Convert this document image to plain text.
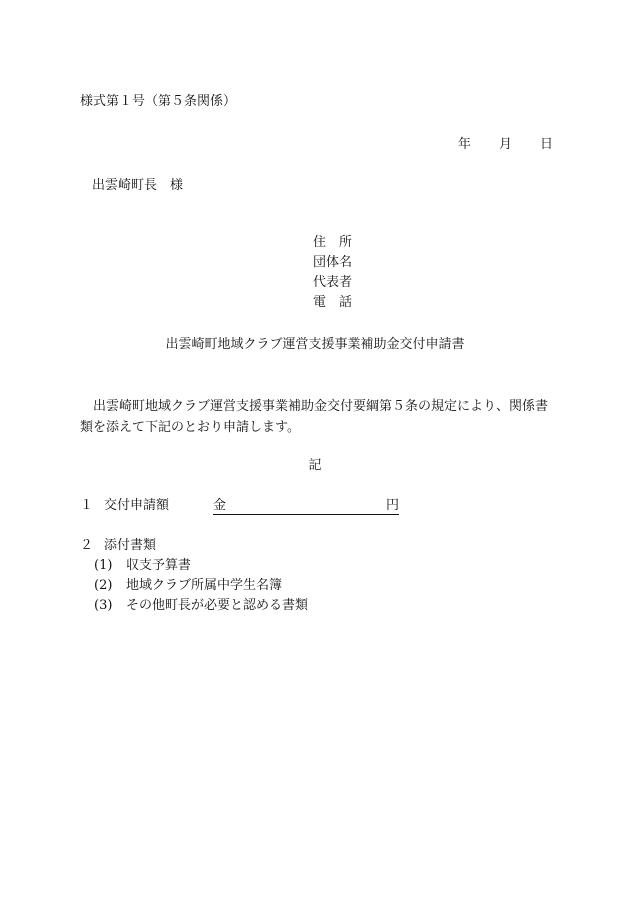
様式第１号（第５条関係）
年 月 日
出雲崎町長　様
住　所
団体名
代表者
電　話
出雲崎町地域クラブ運営支援事業補助金交付申請書
出雲崎町地域クラブ運営支援事業補助金交付要綱第５条の規定により、関係書類を添えて下記のとおり申請します。
記
１ 交付申請額	金	円
２ 添付書類
(1) 収支予算書
(2) 地域クラブ所属中学生名簿
(3) その他町長が必要と認める書類
